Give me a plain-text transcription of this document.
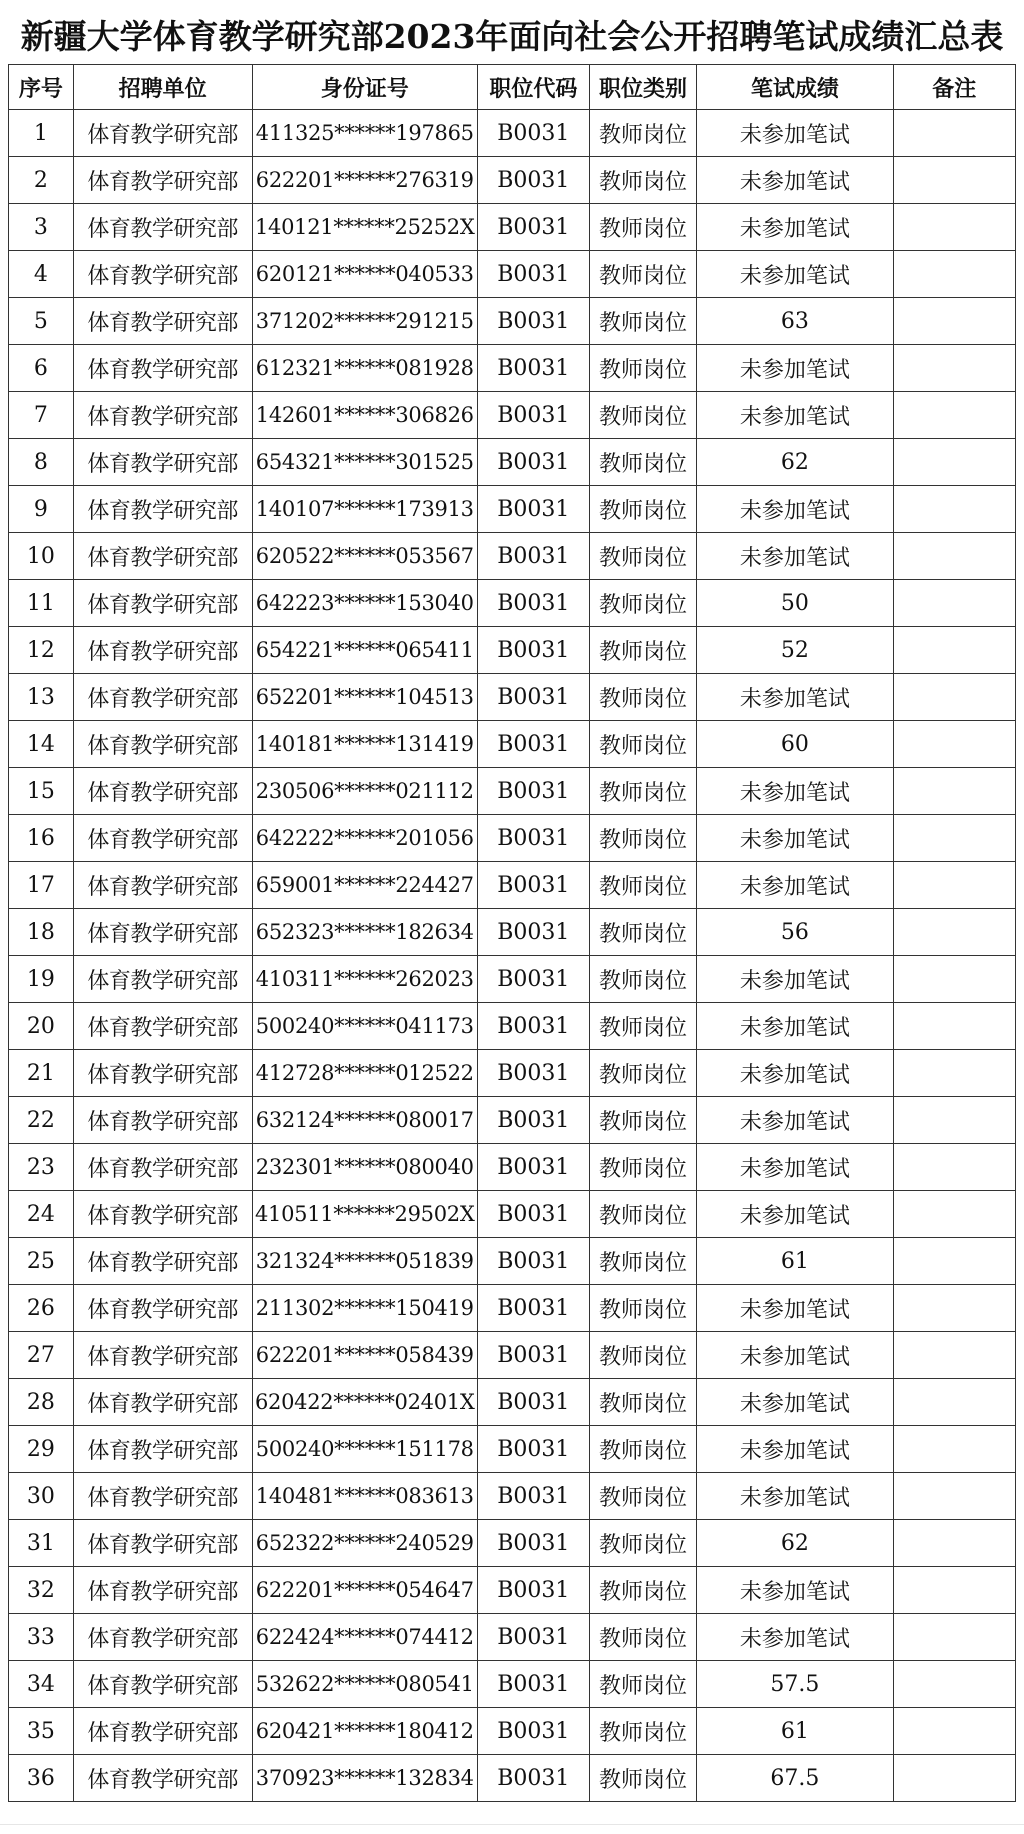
新疆大学体育教学研究部2023年面向社会公开招聘笔试成绩汇总表
序号	招聘单位	身份证号	职位代码	职位类别	笔试成绩	备注
1	体育教学研究部	411325******197865	B0031	教师岗位	未参加笔试	
2	体育教学研究部	622201******276319	B0031	教师岗位	未参加笔试	
3	体育教学研究部	140121******25252X	B0031	教师岗位	未参加笔试	
4	体育教学研究部	620121******040533	B0031	教师岗位	未参加笔试	
5	体育教学研究部	371202******291215	B0031	教师岗位	63	
6	体育教学研究部	612321******081928	B0031	教师岗位	未参加笔试	
7	体育教学研究部	142601******306826	B0031	教师岗位	未参加笔试	
8	体育教学研究部	654321******301525	B0031	教师岗位	62	
9	体育教学研究部	140107******173913	B0031	教师岗位	未参加笔试	
10	体育教学研究部	620522******053567	B0031	教师岗位	未参加笔试	
11	体育教学研究部	642223******153040	B0031	教师岗位	50	
12	体育教学研究部	654221******065411	B0031	教师岗位	52	
13	体育教学研究部	652201******104513	B0031	教师岗位	未参加笔试	
14	体育教学研究部	140181******131419	B0031	教师岗位	60	
15	体育教学研究部	230506******021112	B0031	教师岗位	未参加笔试	
16	体育教学研究部	642222******201056	B0031	教师岗位	未参加笔试	
17	体育教学研究部	659001******224427	B0031	教师岗位	未参加笔试	
18	体育教学研究部	652323******182634	B0031	教师岗位	56	
19	体育教学研究部	410311******262023	B0031	教师岗位	未参加笔试	
20	体育教学研究部	500240******041173	B0031	教师岗位	未参加笔试	
21	体育教学研究部	412728******012522	B0031	教师岗位	未参加笔试	
22	体育教学研究部	632124******080017	B0031	教师岗位	未参加笔试	
23	体育教学研究部	232301******080040	B0031	教师岗位	未参加笔试	
24	体育教学研究部	410511******29502X	B0031	教师岗位	未参加笔试	
25	体育教学研究部	321324******051839	B0031	教师岗位	61	
26	体育教学研究部	211302******150419	B0031	教师岗位	未参加笔试	
27	体育教学研究部	622201******058439	B0031	教师岗位	未参加笔试	
28	体育教学研究部	620422******02401X	B0031	教师岗位	未参加笔试	
29	体育教学研究部	500240******151178	B0031	教师岗位	未参加笔试	
30	体育教学研究部	140481******083613	B0031	教师岗位	未参加笔试	
31	体育教学研究部	652322******240529	B0031	教师岗位	62	
32	体育教学研究部	622201******054647	B0031	教师岗位	未参加笔试	
33	体育教学研究部	622424******074412	B0031	教师岗位	未参加笔试	
34	体育教学研究部	532622******080541	B0031	教师岗位	57.5	
35	体育教学研究部	620421******180412	B0031	教师岗位	61	
36	体育教学研究部	370923******132834	B0031	教师岗位	67.5	
